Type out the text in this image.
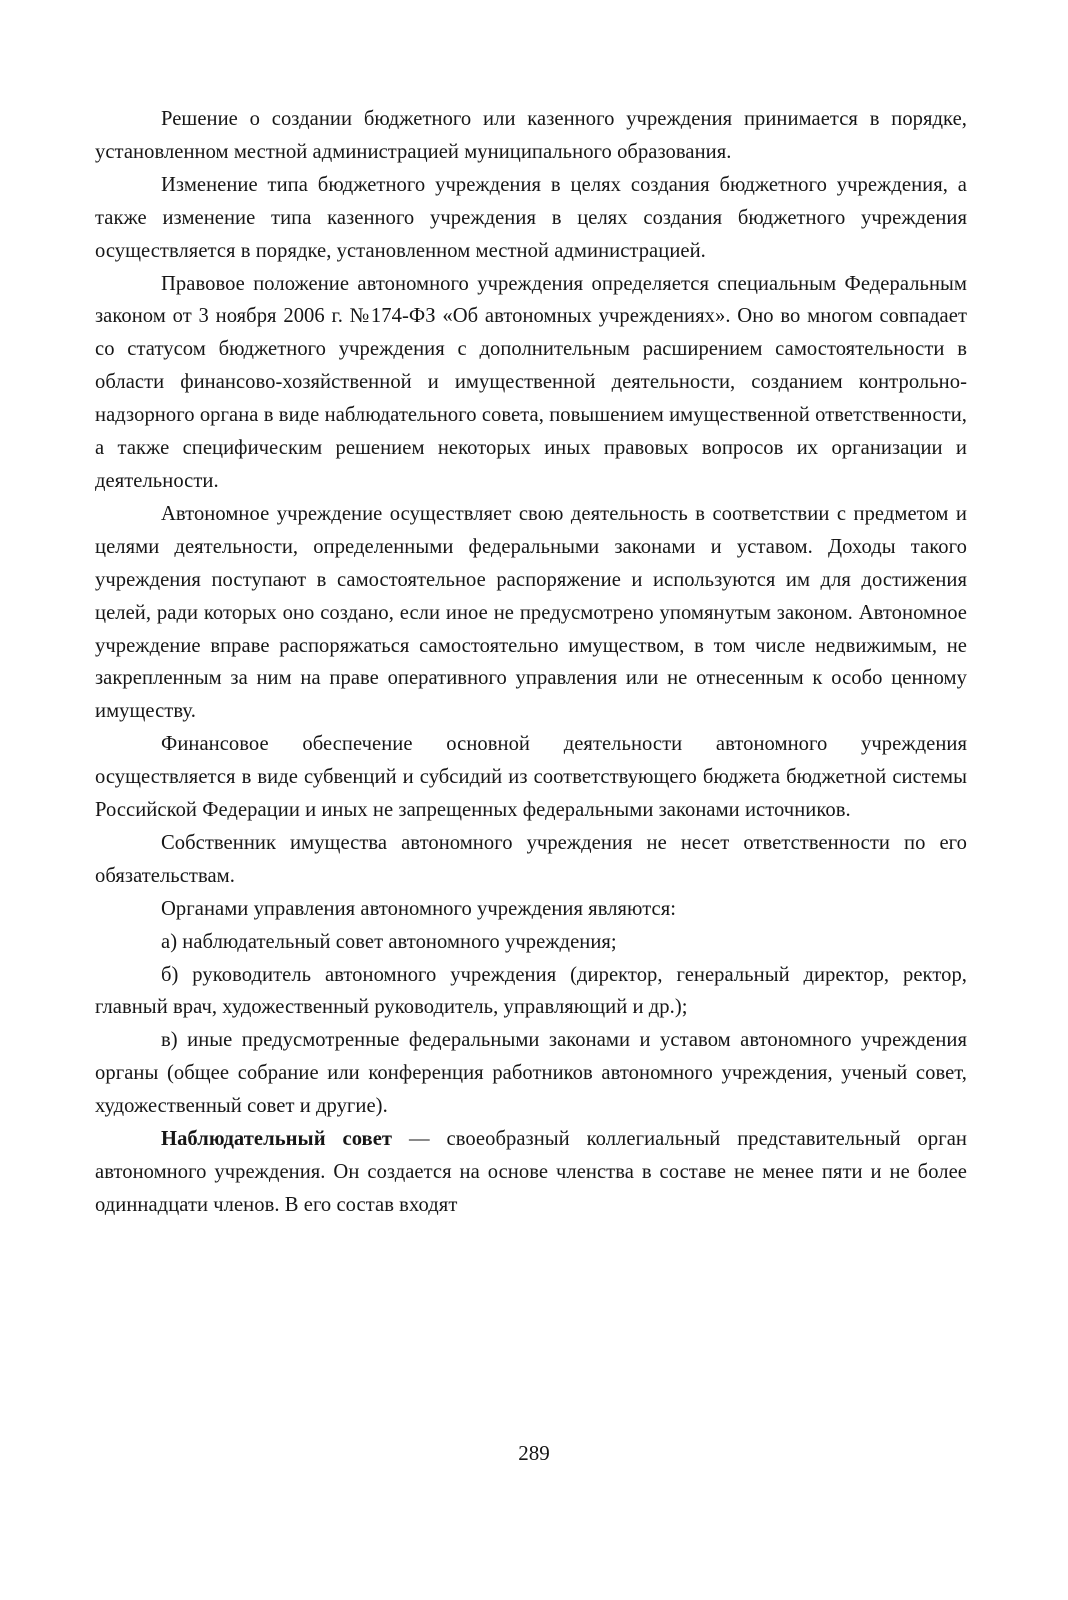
Решение о создании бюджетного или казенного учреждения принимается в порядке, установленном местной администрацией муниципального образования.

Изменение типа бюджетного учреждения в целях создания бюджетного учреждения, а также изменение типа казенного учреждения в целях создания бюджетного учреждения осуществляется в порядке, установленном местной администрацией.

Правовое положение автономного учреждения определяется специальным Федеральным законом от 3 ноября 2006 г. №174-ФЗ «Об автономных учреждениях». Оно во многом совпадает со статусом бюджетного учреждения с дополнительным расширением самостоятельности в области финансово-хозяйственной и имущественной деятельности, созданием контрольно-надзорного органа в виде наблюдательного совета, повышением имущественной ответственности, а также специфическим решением некоторых иных правовых вопросов их организации и деятельности.

Автономное учреждение осуществляет свою деятельность в соответствии с предметом и целями деятельности, определенными федеральными законами и уставом. Доходы такого учреждения поступают в самостоятельное распоряжение и используются им для достижения целей, ради которых оно создано, если иное не предусмотрено упомянутым законом. Автономное учреждение вправе распоряжаться самостоятельно имуществом, в том числе недвижимым, не закрепленным за ним на праве оперативного управления или не отнесенным к особо ценному имуществу.

Финансовое обеспечение основной деятельности автономного учреждения осуществляется в виде субвенций и субсидий из соответствующего бюджета бюджетной системы Российской Федерации и иных не запрещенных федеральными законами источников.

Собственник имущества автономного учреждения не несет ответственности по его обязательствам.

Органами управления автономного учреждения являются:

а) наблюдательный совет автономного учреждения;

б) руководитель автономного учреждения (директор, генеральный директор, ректор, главный врач, художественный руководитель, управляющий и др.);

в) иные предусмотренные федеральными законами и уставом автономного учреждения органы (общее собрание или конференция работников автономного учреждения, ученый совет, художественный совет и другие).

Наблюдательный совет — своеобразный коллегиальный представительный орган автономного учреждения. Он создается на основе членства в составе не менее пяти и не более одиннадцати членов. В его состав входят

289
